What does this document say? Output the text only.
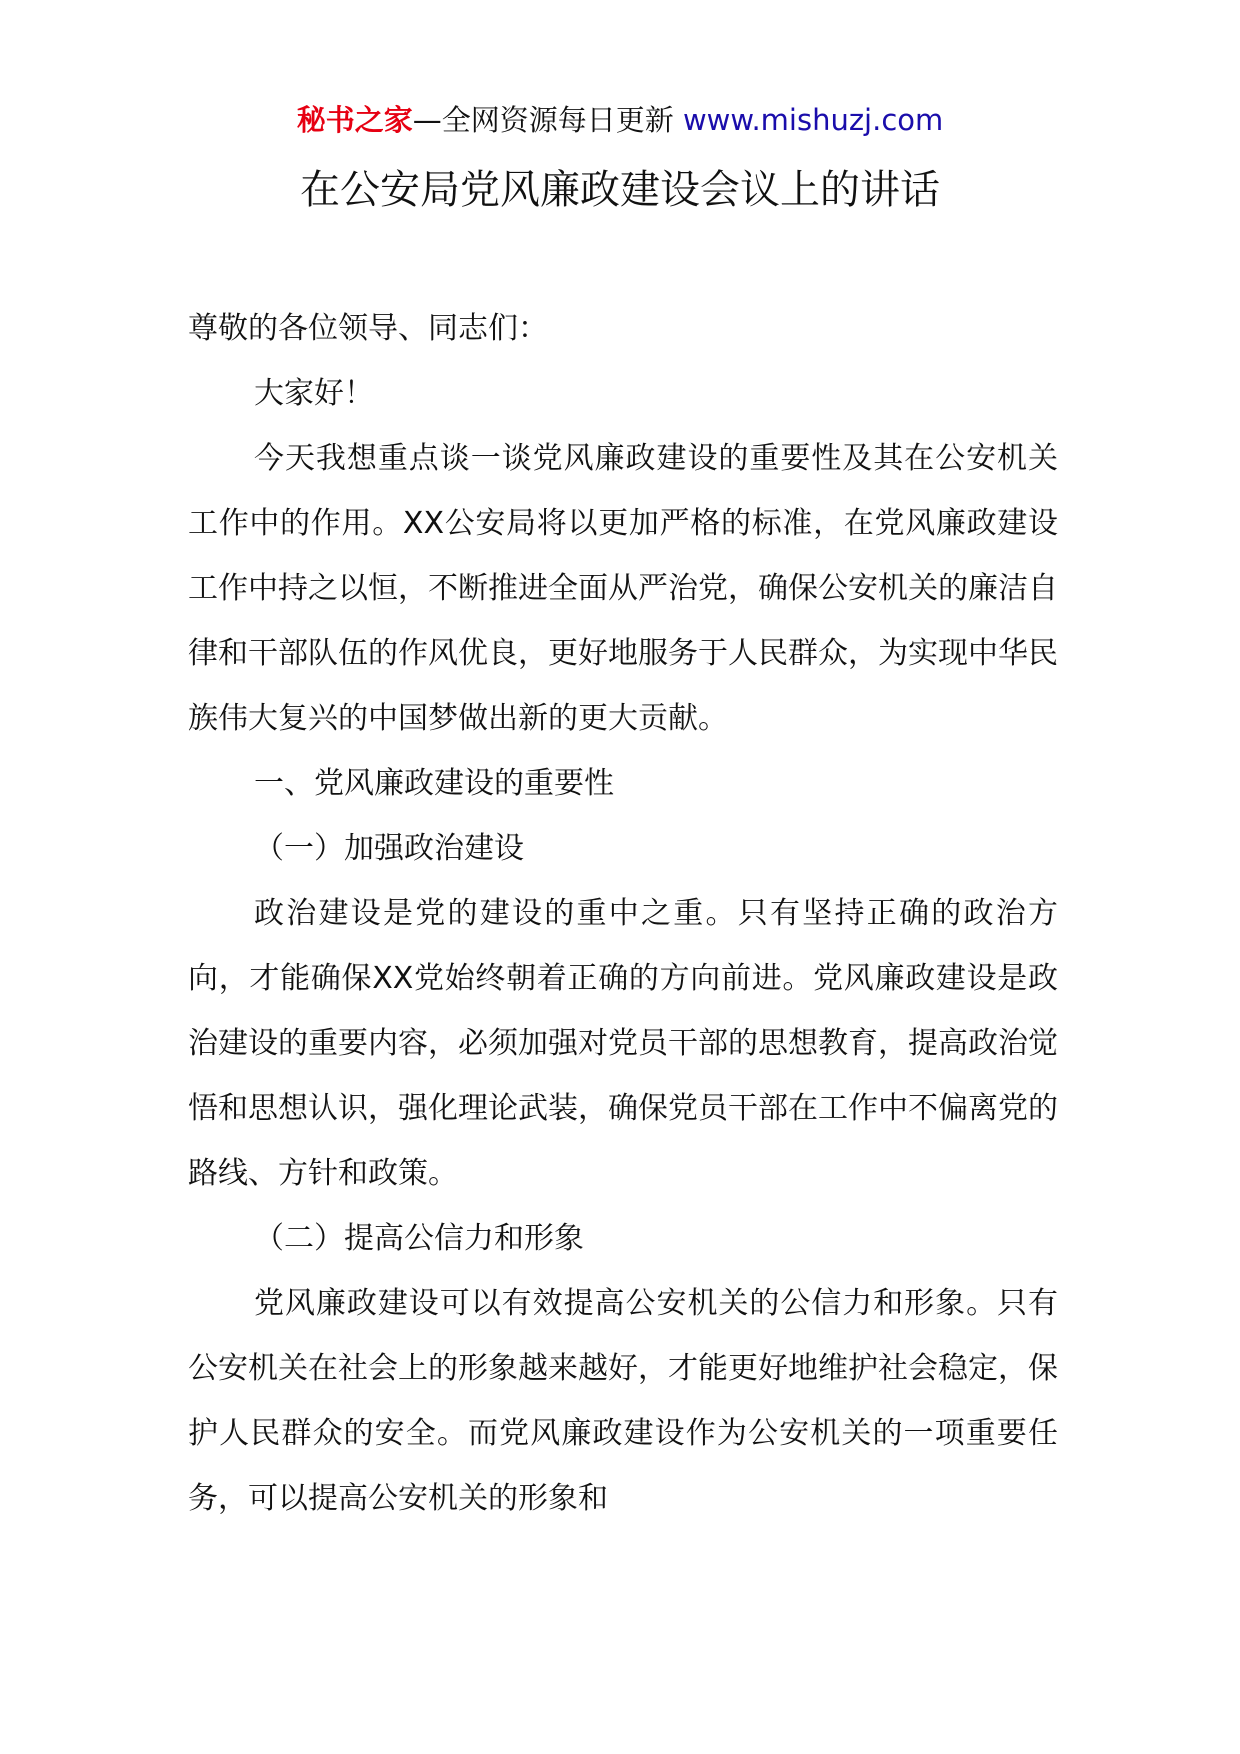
秘书之家—全网资源每日更新 www.mishuzj.com
在公安局党风廉政建设会议上的讲话

尊敬的各位领导、同志们：

大家好！

今天我想重点谈一谈党风廉政建设的重要性及其在公安机关工作中的作用。XX公安局将以更加严格的标准，在党风廉政建设工作中持之以恒，不断推进全面从严治党，确保公安机关的廉洁自律和干部队伍的作风优良，更好地服务于人民群众，为实现中华民族伟大复兴的中国梦做出新的更大贡献。

一、党风廉政建设的重要性

（一）加强政治建设

政治建设是党的建设的重中之重。只有坚持正确的政治方向，才能确保XX党始终朝着正确的方向前进。党风廉政建设是政治建设的重要内容，必须加强对党员干部的思想教育，提高政治觉悟和思想认识，强化理论武装，确保党员干部在工作中不偏离党的路线、方针和政策。

（二）提高公信力和形象

党风廉政建设可以有效提高公安机关的公信力和形象。只有公安机关在社会上的形象越来越好，才能更好地维护社会稳定，保护人民群众的安全。而党风廉政建设作为公安机关的一项重要任务，可以提高公安机关的形象和
